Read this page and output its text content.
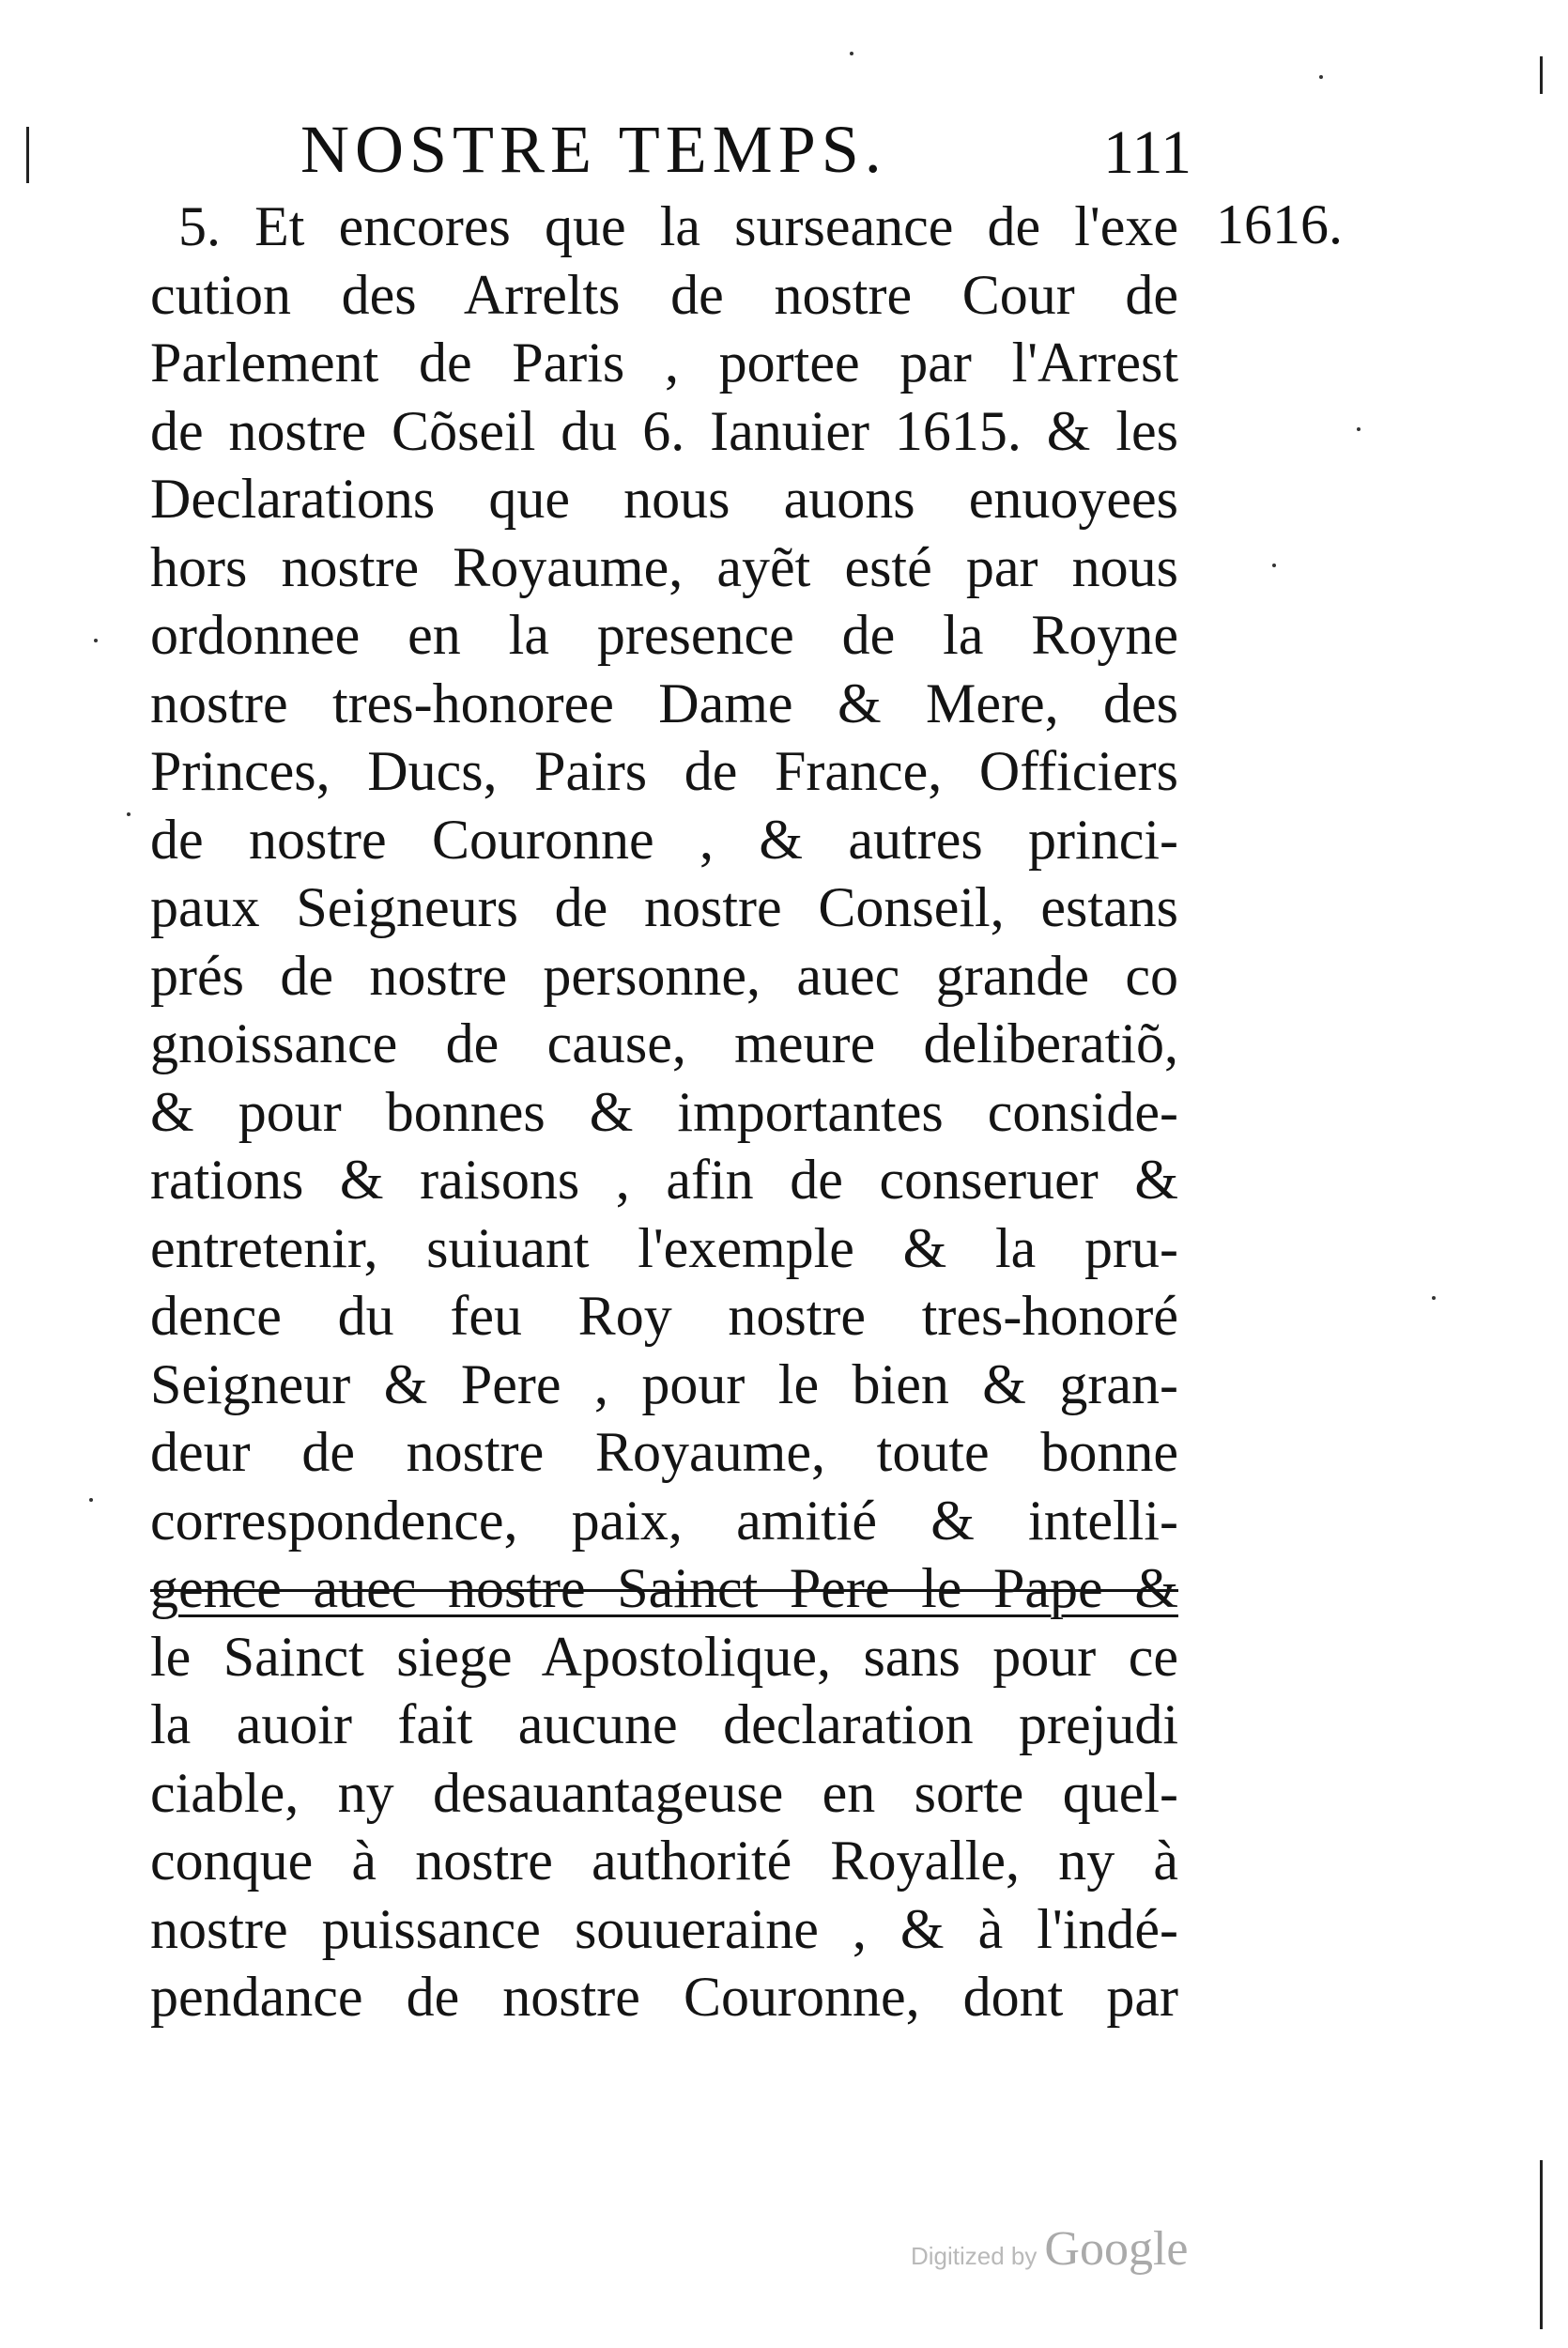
NOSTRE TEMPS.	111
1616.
5. Et encores que la surseance de l'exe
cution des Arrelts de nostre Cour de
Parlement de Paris , portee par l'Arrest
de nostre Cõseil du 6. Ianuier 1615. & les
Declarations que nous auons enuoyees
hors nostre Royaume, ayẽt esté par nous
ordonnee en la presence de la Royne
nostre tres-honoree Dame & Mere, des
Princes, Ducs, Pairs de France, Officiers
de nostre Couronne , & autres princi-
paux Seigneurs de nostre Conseil, estans
prés de nostre personne, auec grande co
gnoissance de cause, meure deliberatiõ,
& pour bonnes & importantes conside-
rations & raisons , afin de conseruer &
entretenir, suiuant l'exemple & la pru-
dence du feu Roy nostre tres-honoré
Seigneur & Pere , pour le bien & gran-
deur de nostre Royaume, toute bonne
correspondence, paix, amitié & intelli-
gence auec nostre Sainct Pere le Pape &
le Sainct siege Apostolique, sans pour ce
la auoir fait aucune declaration prejudi
ciable, ny desauantageuse en sorte quel-
conque à nostre authorité Royalle, ny à
nostre puissance souueraine , & à l'indé-
pendance de nostre Couronne, dont par
Digitized by Google
